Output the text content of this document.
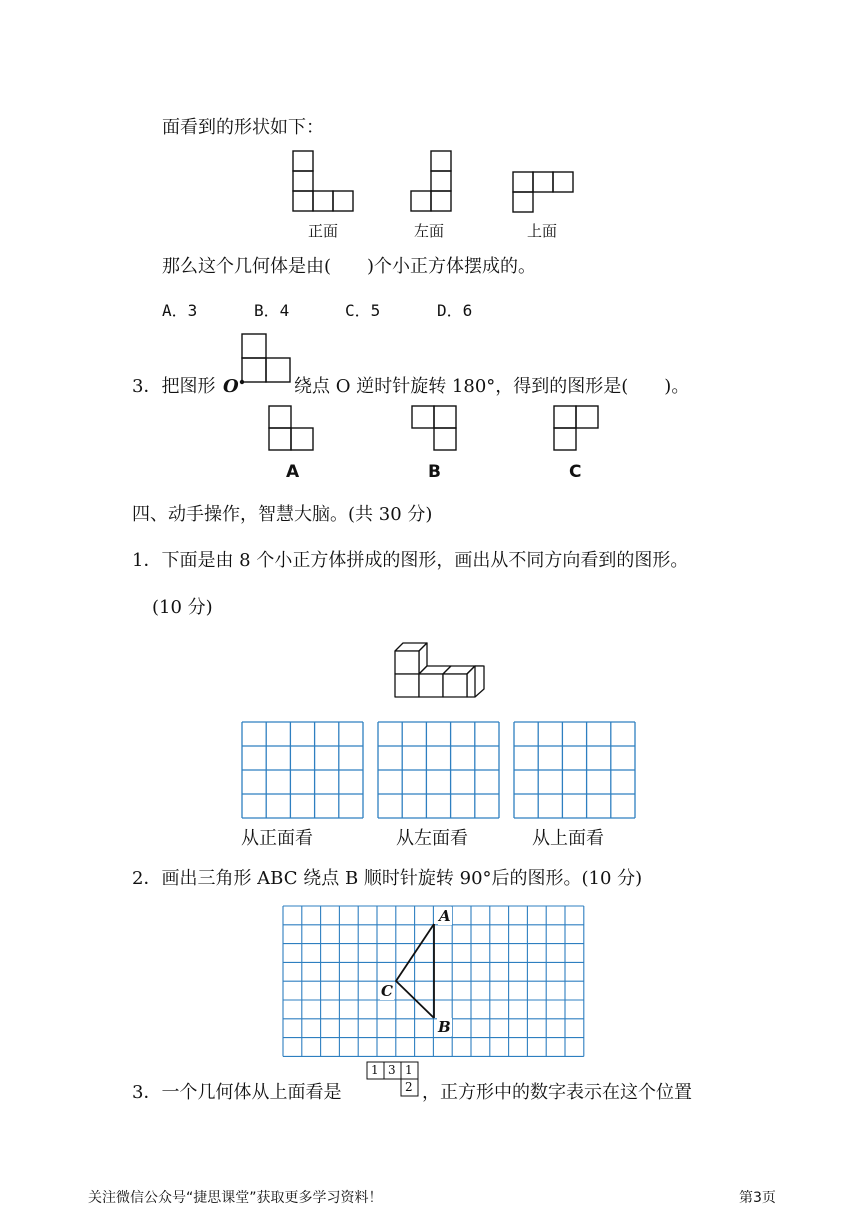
面看到的形状如下：
正面	左面	上面
那么这个几何体是由(　　)个小正方体摆成的。
A．3	B．4	C．5	D．6
3．把图形 O	绕点 O 逆时针旋转 180°，得到的图形是(　　)。
A	B	C
四、动手操作，智慧大脑。(共 30 分)
1．下面是由 8 个小正方体拼成的图形，画出从不同方向看到的图形。
(10 分)
从正面看	从左面看	从上面看
2．画出三角形 ABC 绕点 B 顺时针旋转 90°后的图形。(10 分)
A
B
C
3．一个几何体从上面看是
1 3 1
2 ，正方形中的数字表示在这个位置
关注微信公众号“捷思课堂”获取更多学习资料！	第3页
